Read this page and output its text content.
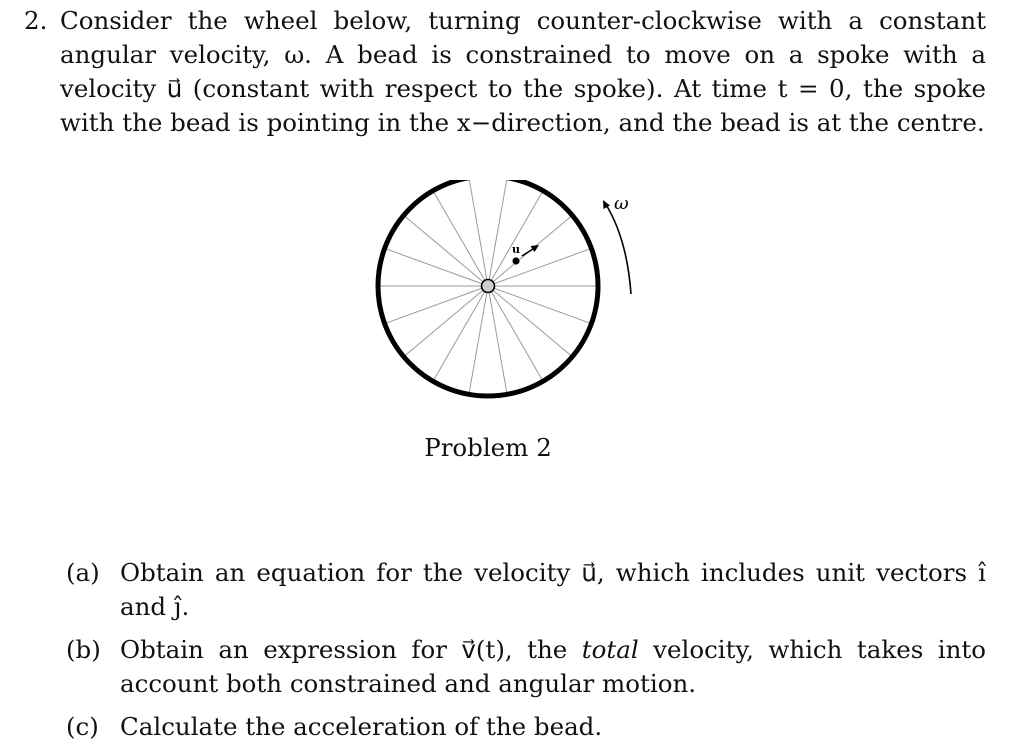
2. Consider the wheel below, turning counter-clockwise with a constant angular velocity, ω. A bead is constrained to move on a spoke with a velocity u⃗ (constant with respect to the spoke). At time t = 0, the spoke with the bead is pointing in the x−direction, and the bead is at the centre.
u
ω
Problem 2
(a) Obtain an equation for the velocity u⃗, which includes unit vectors ı̂ and ȷ̂.
(b) Obtain an expression for v⃗(t), the total velocity, which takes into account both constrained and angular motion.
(c) Calculate the acceleration of the bead.
